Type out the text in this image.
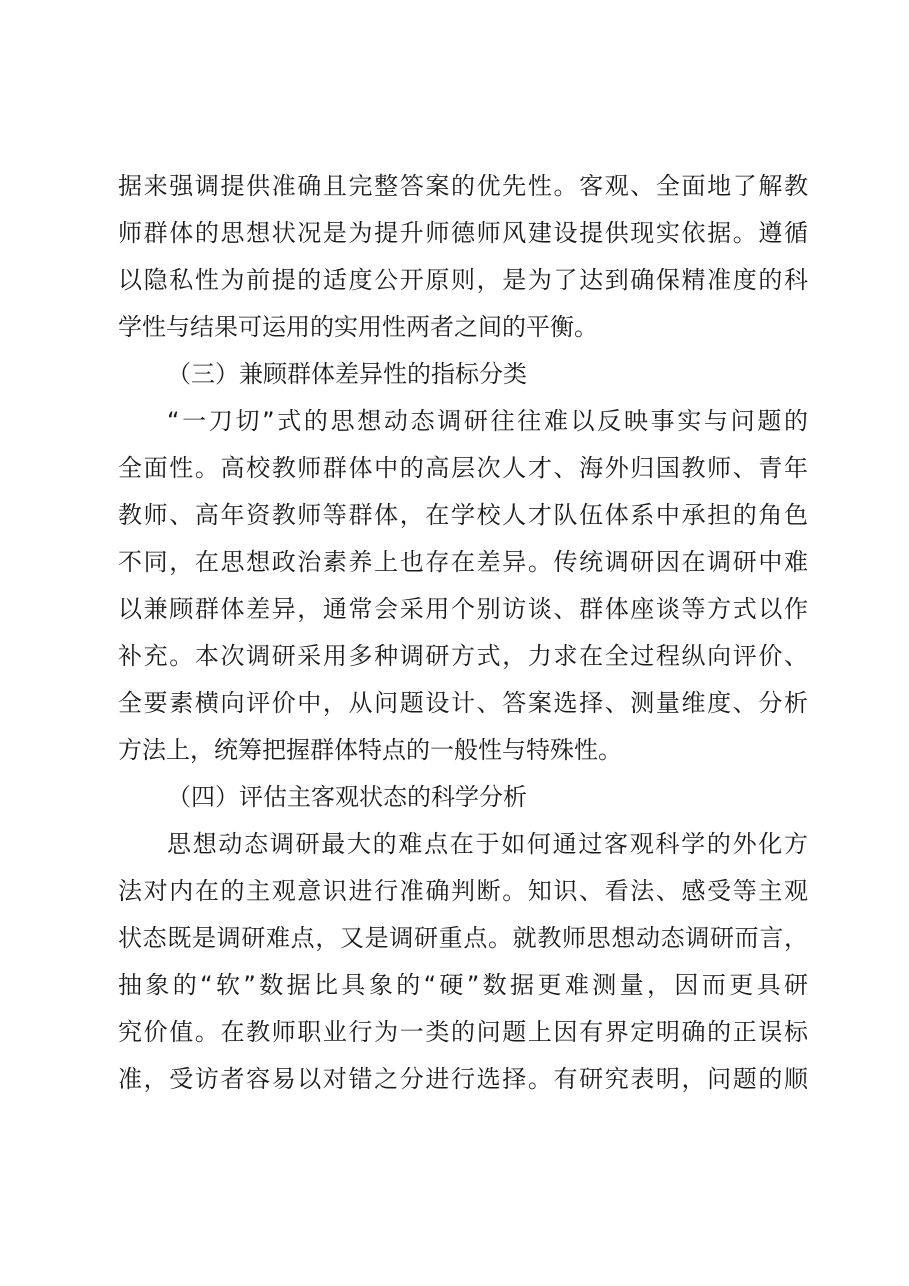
据来强调提供准确且完整答案的优先性。客观、全面地了解教
师群体的思想状况是为提升师德师风建设提供现实依据。遵循
以隐私性为前提的适度公开原则，是为了达到确保精准度的科
学性与结果可运用的实用性两者之间的平衡。
（三）兼顾群体差异性的指标分类
“一刀切”式的思想动态调研往往难以反映事实与问题的
全面性。高校教师群体中的高层次人才、海外归国教师、青年
教师、高年资教师等群体，在学校人才队伍体系中承担的角色
不同，在思想政治素养上也存在差异。传统调研因在调研中难
以兼顾群体差异，通常会采用个别访谈、群体座谈等方式以作
补充。本次调研采用多种调研方式，力求在全过程纵向评价、
全要素横向评价中，从问题设计、答案选择、测量维度、分析
方法上，统筹把握群体特点的一般性与特殊性。
（四）评估主客观状态的科学分析
思想动态调研最大的难点在于如何通过客观科学的外化方
法对内在的主观意识进行准确判断。知识、看法、感受等主观
状态既是调研难点，又是调研重点。就教师思想动态调研而言，
抽象的“软”数据比具象的“硬”数据更难测量，因而更具研
究价值。在教师职业行为一类的问题上因有界定明确的正误标
准，受访者容易以对错之分进行选择。有研究表明，问题的顺
